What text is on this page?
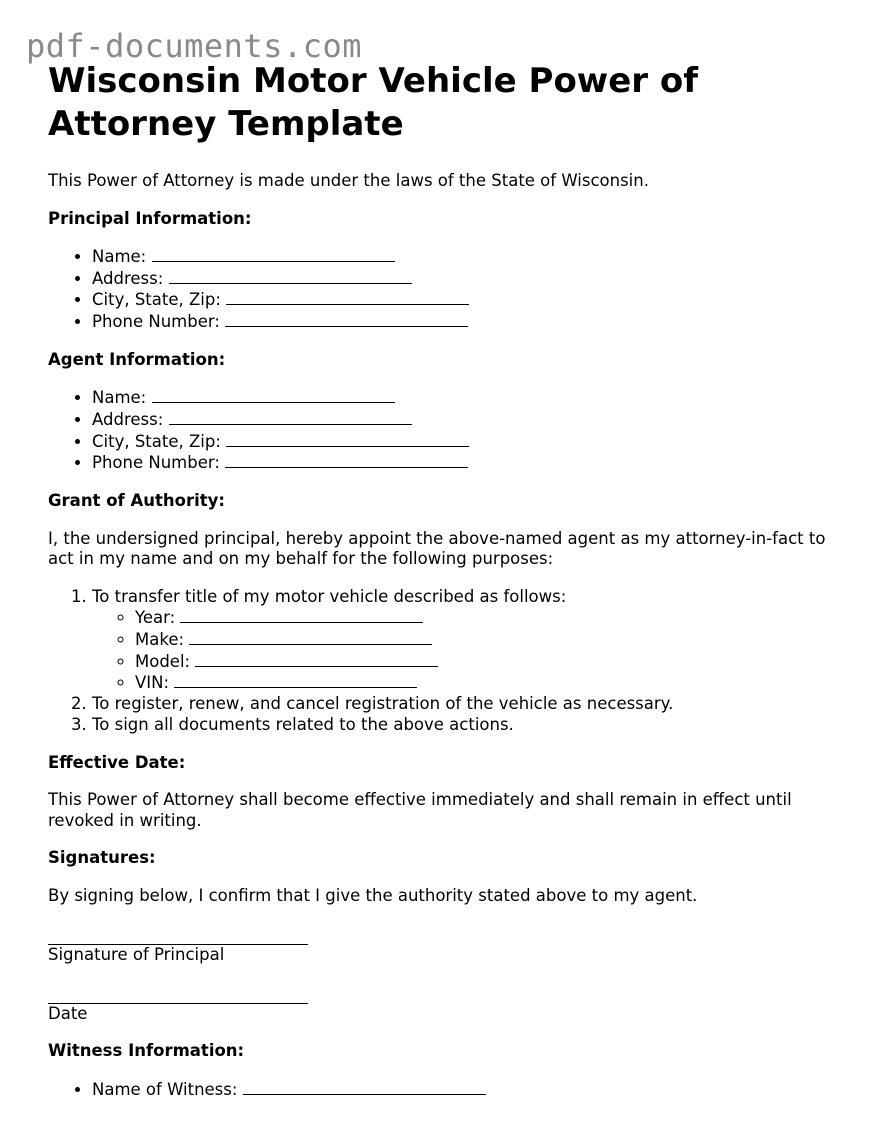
pdf-documents.com
Wisconsin Motor Vehicle Power of Attorney Template

This Power of Attorney is made under the laws of the State of Wisconsin.

Principal Information:

• Name:
• Address:
• City, State, Zip:
• Phone Number:

Agent Information:

• Name:
• Address:
• City, State, Zip:
• Phone Number:

Grant of Authority:

I, the undersigned principal, hereby appoint the above-named agent as my attorney-in-fact to act in my name and on my behalf for the following purposes:

1. To transfer title of my motor vehicle described as follows:
◦ Year:
◦ Make:
◦ Model:
◦ VIN:
2. To register, renew, and cancel registration of the vehicle as necessary.
3. To sign all documents related to the above actions.

Effective Date:

This Power of Attorney shall become effective immediately and shall remain in effect until revoked in writing.

Signatures:

By signing below, I confirm that I give the authority stated above to my agent.

Signature of Principal

Date

Witness Information:

• Name of Witness:
